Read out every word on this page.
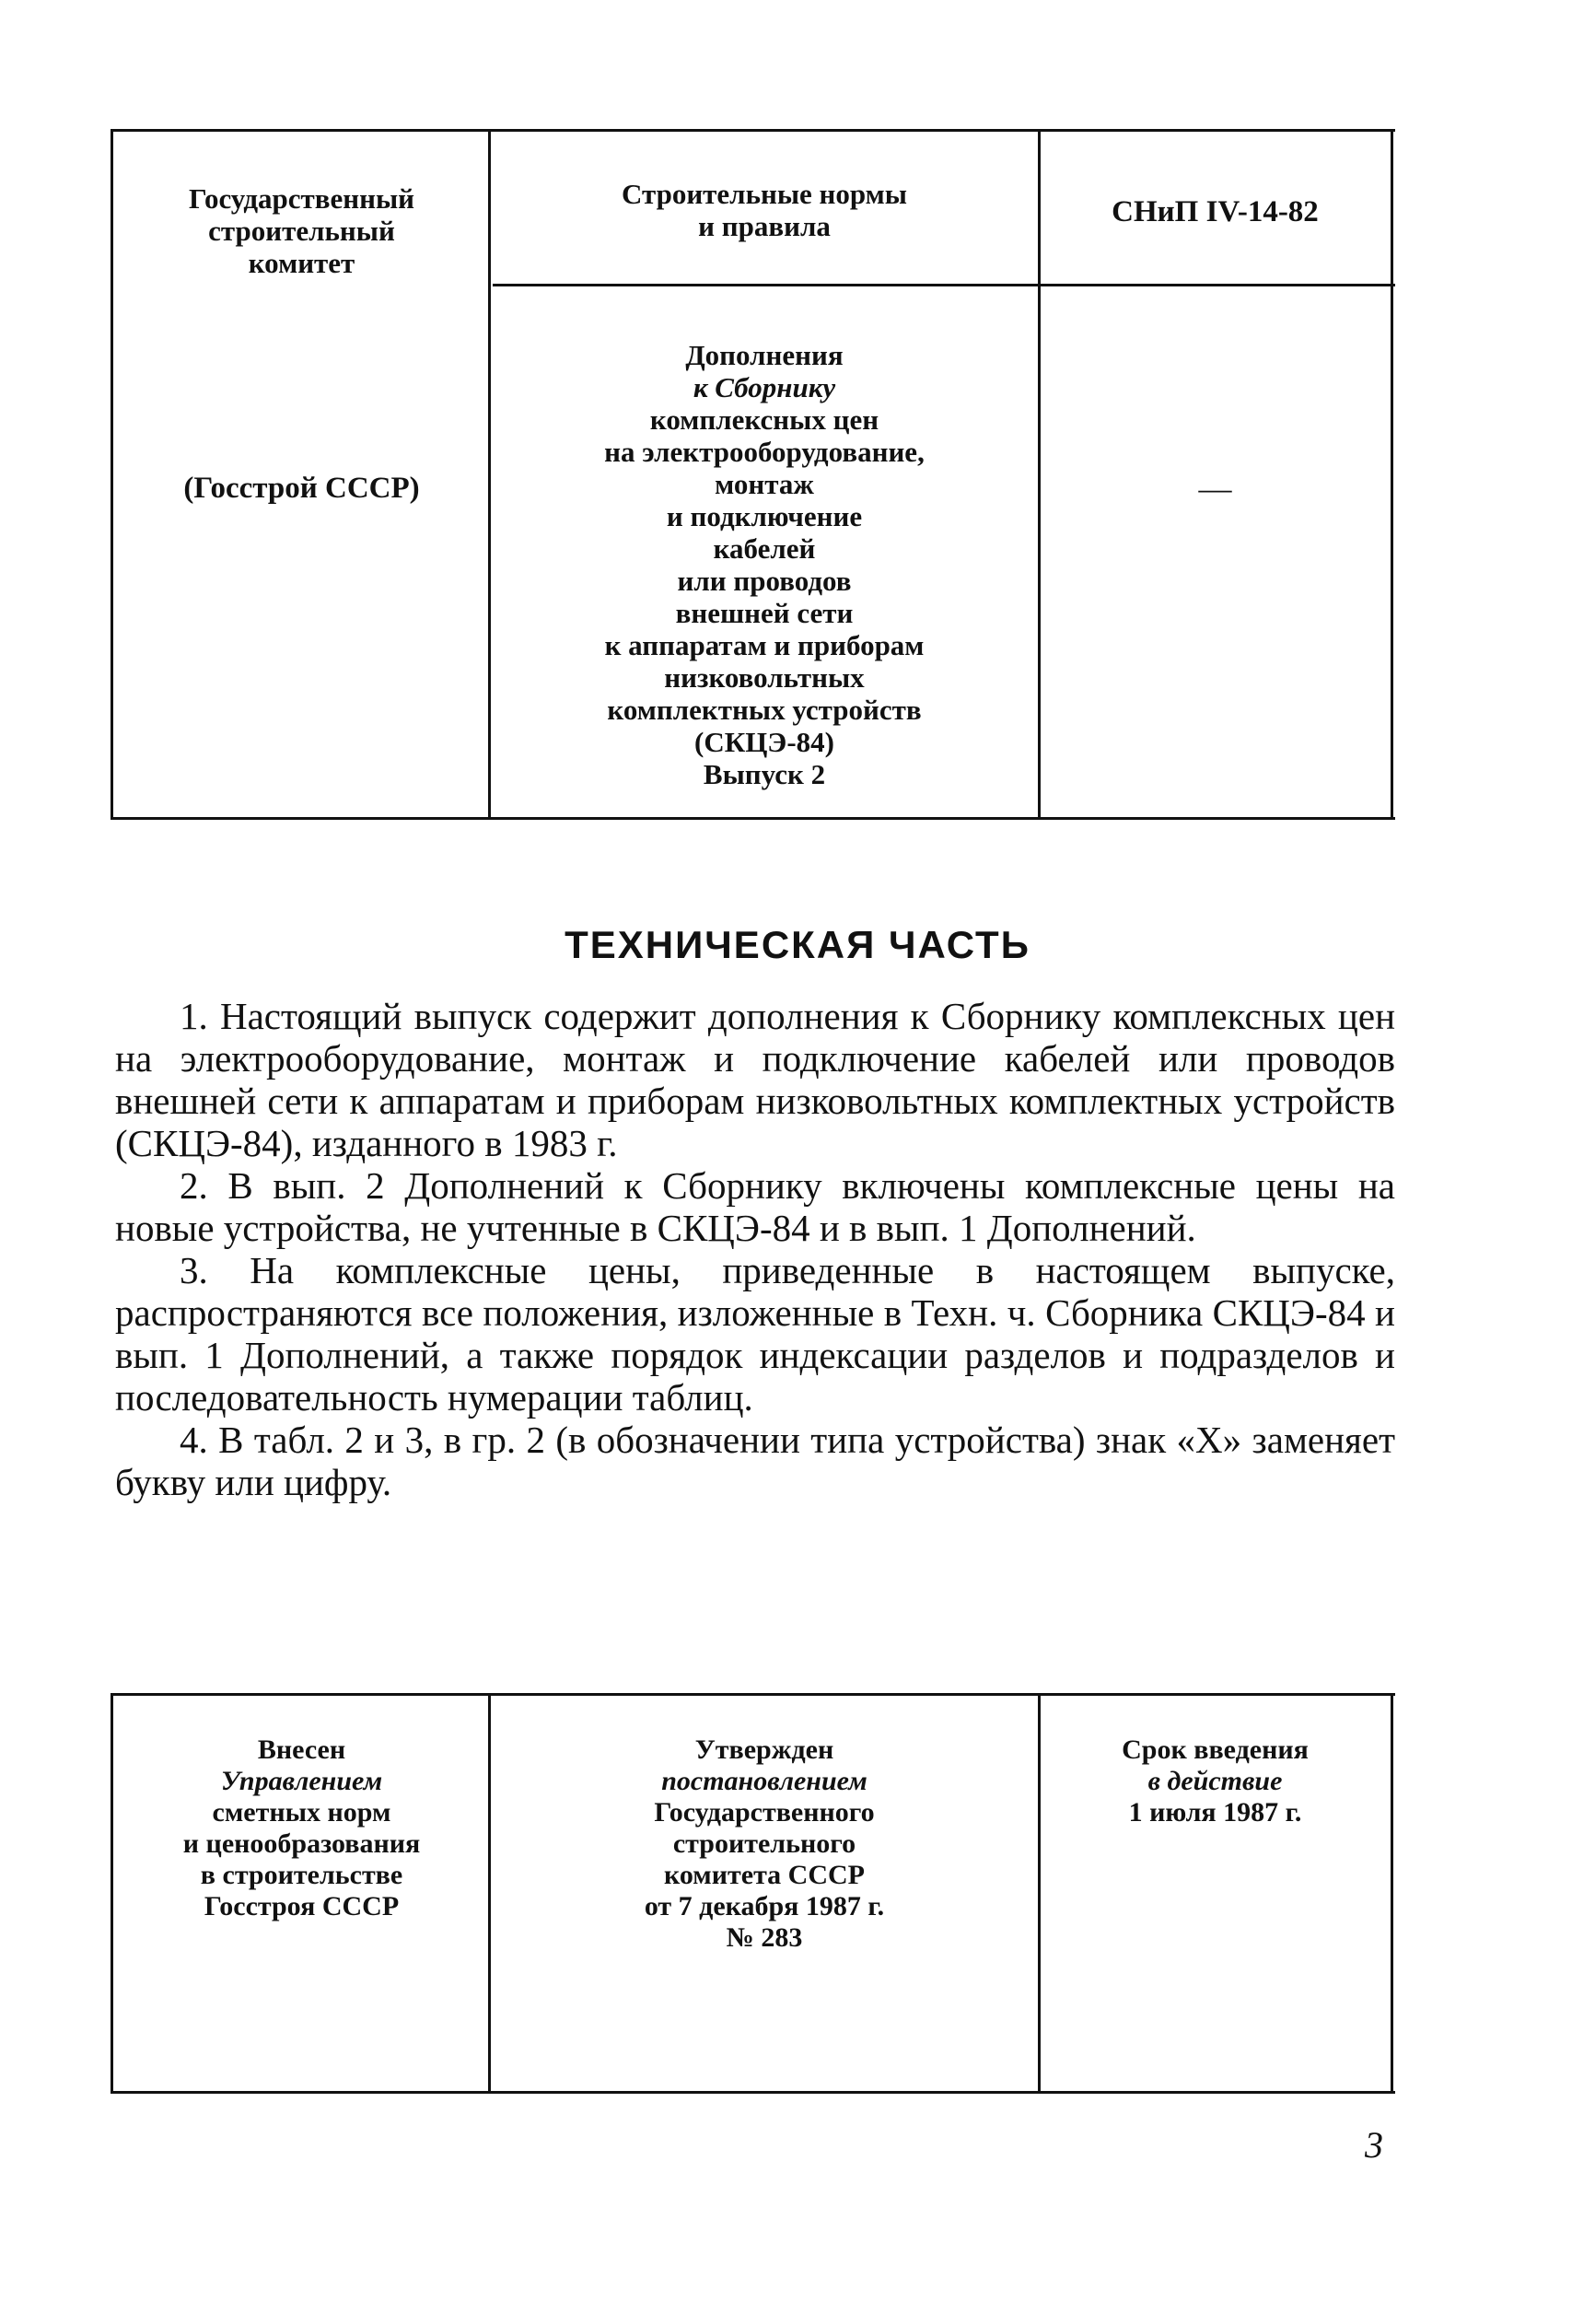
Государственный
строительный
комитет
(Госстрой СССР)
Строительные нормы
и правила	СНиП IV-14-82
Дополнения
к Сборнику
комплексных цен
на электрооборудование,
монтаж
и подключение
кабелей
или проводов
внешней сети
к аппаратам и приборам
низковольтных
комплектных устройств
(СКЦЭ-84)
Выпуск 2
—
ТЕХНИЧЕСКАЯ ЧАСТЬ

1. Настоящий выпуск содержит дополнения к Сборнику комплексных цен на электрооборудование, монтаж и подключение кабелей или проводов внешней сети к аппаратам и приборам низковольтных комплектных устройств (СКЦЭ-84), изданного в 1983 г.

2. В вып. 2 Дополнений к Сборнику включены комплексные цены на новые устройства, не учтенные в СКЦЭ-84 и в вып. 1 Дополнений.

3. На комплексные цены, приведенные в настоящем выпуске, распространяются все положения, изложенные в Техн. ч. Сборника СКЦЭ-84 и вып. 1 Дополнений, а также порядок индексации разделов и подразделов и последовательность нумерации таблиц.

4. В табл. 2 и 3, в гр. 2 (в обозначении типа устройства) знак «Х» заменяет букву или цифру.

Внесен
Управлением
сметных норм
и ценообразования
в строительстве
Госстроя СССР
Утвержден
постановлением
Государственного
строительного
комитета СССР
от 7 декабря 1987 г.
№ 283
Срок введения
в действие
1 июля 1987 г.
3
